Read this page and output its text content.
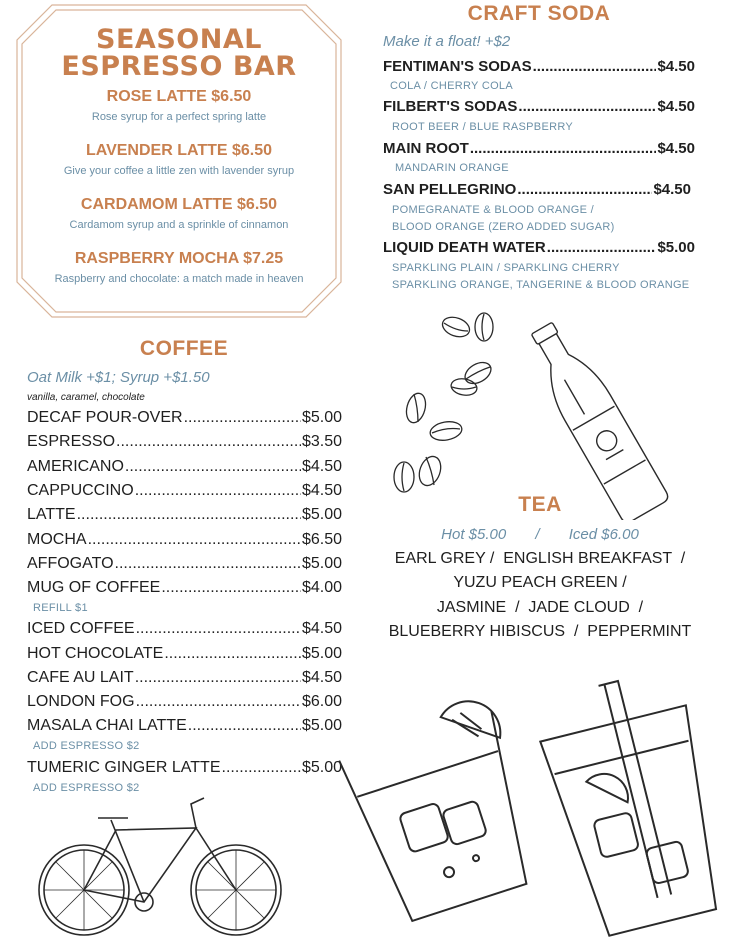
SEASONAL
ESPRESSO BAR
ROSE LATTE $6.50
Rose syrup for a perfect spring latte
LAVENDER LATTE $6.50
Give your coffee a little zen with lavender syrup
CARDAMOM LATTE $6.50
Cardamom syrup and a sprinkle of cinnamon
RASPBERRY MOCHA $7.25
Raspberry and chocolate: a match made in heaven
COFFEE
Oat Milk +$1; Syrup +$1.50
vanilla, caramel, chocolate
DECAF POUR-OVER .....	$5.00
ESPRESSO .....	$3.50
AMERICANO .....	$4.50
CAPPUCCINO .....	$4.50
LATTE .....	$5.00
MOCHA .....	$6.50
AFFOGATO .....	$5.00
MUG OF COFFEE .....	$4.00
REFILL $1
ICED COFFEE .....	$4.50
HOT CHOCOLATE .....	$5.00
CAFE AU LAIT .....	$4.50
LONDON FOG .....	$6.00
MASALA CHAI LATTE .....	$5.00
ADD ESPRESSO $2
TUMERIC GINGER LATTE .....	$5.00
ADD ESPRESSO $2
CRAFT SODA
Make it a float! +$2
FENTIMAN'S SODAS .....	$4.50
COLA / CHERRY COLA
FILBERT'S SODAS .....	$4.50
ROOT BEER / BLUE RASPBERRY
MAIN ROOT .....	$4.50
MANDARIN ORANGE
SAN PELLEGRINO .....	$4.50
POMEGRANATE & BLOOD ORANGE /
BLOOD ORANGE (ZERO ADDED SUGAR)
LIQUID DEATH WATER .....	$5.00
SPARKLING PLAIN / SPARKLING CHERRY
SPARKLING ORANGE, TANGERINE & BLOOD ORANGE
TEA
Hot $5.00 / Iced $6.00
EARL GREY /  ENGLISH BREAKFAST  /
YUZU PEACH GREEN /
JASMINE  /  JADE CLOUD  /
BLUEBERRY HIBISCUS  /  PEPPERMINT
